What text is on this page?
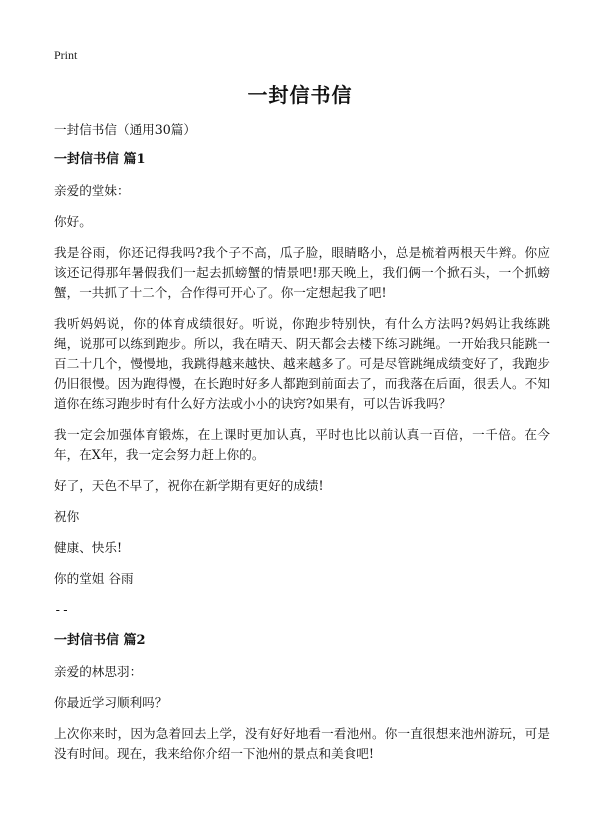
Print
一封信书信

一封信书信（通用30篇）

一封信书信 篇1

亲爱的堂妹：

你好。

我是谷雨，你还记得我吗?我个子不高，瓜子脸，眼睛略小，总是梳着两根天牛辫。你应该还记得那年暑假我们一起去抓螃蟹的情景吧!那天晚上，我们俩一个掀石头，一个抓螃蟹，一共抓了十二个，合作得可开心了。你一定想起我了吧!

我听妈妈说，你的体育成绩很好。听说，你跑步特别快，有什么方法吗?妈妈让我练跳绳，说那可以练到跑步。所以，我在晴天、阴天都会去楼下练习跳绳。一开始我只能跳一百二十几个，慢慢地，我跳得越来越快、越来越多了。可是尽管跳绳成绩变好了，我跑步仍旧很慢。因为跑得慢，在长跑时好多人都跑到前面去了，而我落在后面，很丢人。不知道你在练习跑步时有什么好方法或小小的诀窍?如果有，可以告诉我吗？

我一定会加强体育锻炼，在上课时更加认真，平时也比以前认真一百倍，一千倍。在今年，在X年，我一定会努力赶上你的。

好了，天色不早了，祝你在新学期有更好的成绩!

祝你

健康、快乐!

你的堂姐 谷雨

--

一封信书信 篇2

亲爱的林思羽：

你最近学习顺利吗？

上次你来时，因为急着回去上学，没有好好地看一看池州。你一直很想来池州游玩，可是没有时间。现在，我来给你介绍一下池州的景点和美食吧!
